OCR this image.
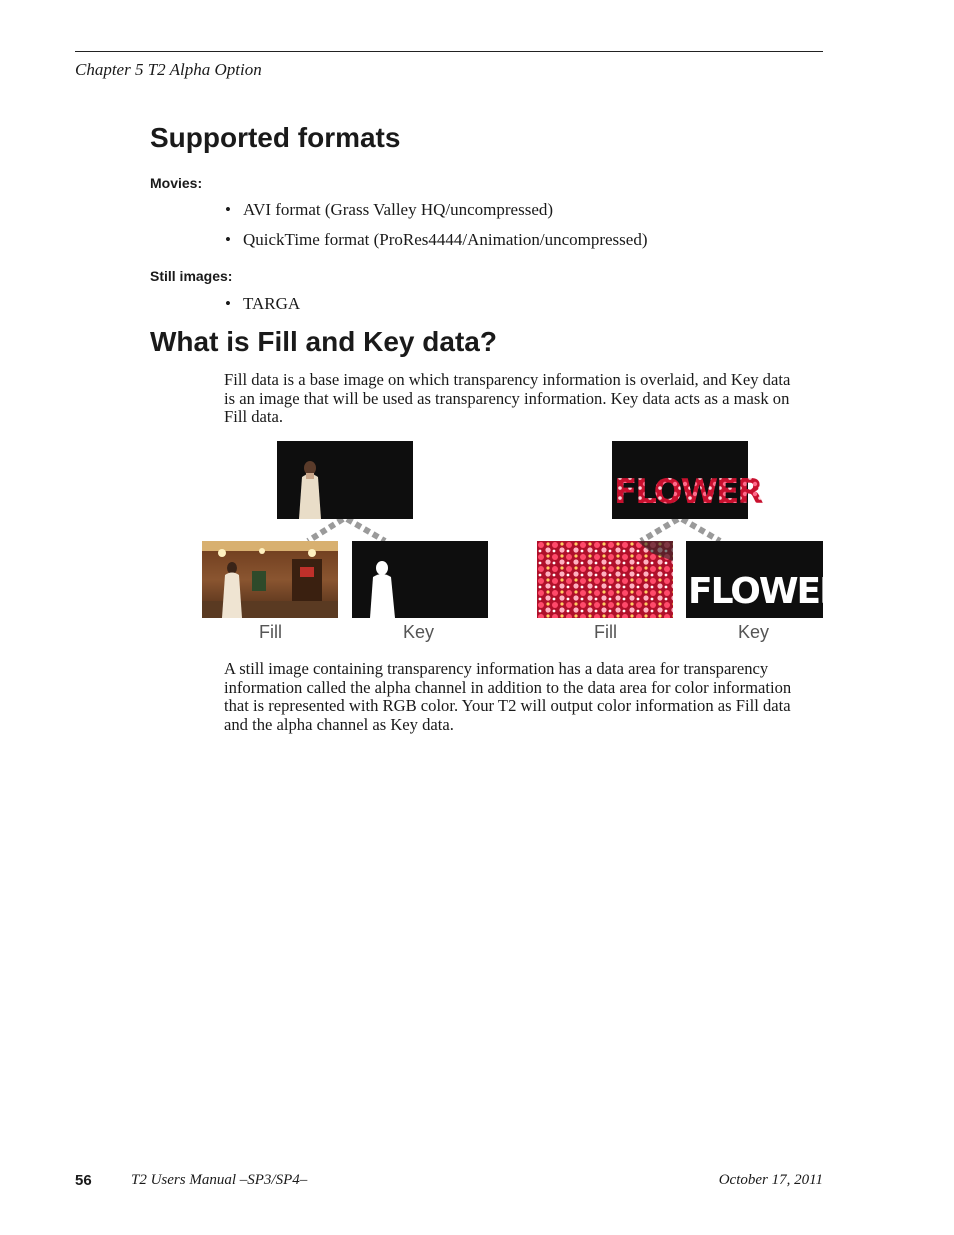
Chapter 5 T2 Alpha Option
Supported formats
Movies:
• AVI format (Grass Valley HQ/uncompressed)
• QuickTime format (ProRes4444/Animation/uncompressed)
Still images:
• TARGA
What is Fill and Key data?
Fill data is a base image on which transparency information is overlaid, and Key data
is an image that will be used as transparency information. Key data acts as a mask on
Fill data.
Fill	Key
FLOWER
FLOWER
Fill	Key
A still image containing transparency information has a data area for transparency
information called the alpha channel in addition to the data area for color information
that is represented with RGB color. Your T2 will output color information as Fill data
and the alpha channel as Key data.
56	T2 Users Manual –SP3/SP4–	October 17, 2011
